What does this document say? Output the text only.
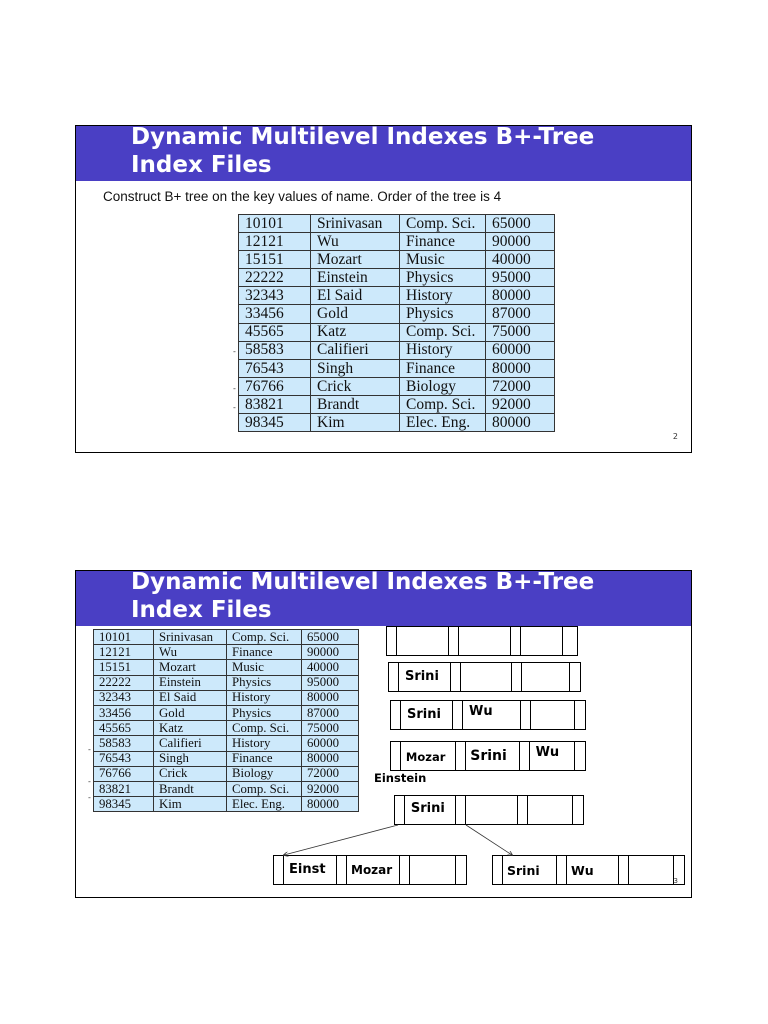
Dynamic Multilevel Indexes B+-Tree
Index Files
Construct B+ tree on the key values of name. Order of the tree is 4
10101	Srinivasan	Comp. Sci.	65000
12121	Wu	Finance	90000
15151	Mozart	Music	40000
22222	Einstein	Physics	95000
32343	El Said	History	80000
33456	Gold	Physics	87000
45565	Katz	Comp. Sci.	75000
58583	Califieri	History	60000
76543	Singh	Finance	80000
76766	Crick	Biology	72000
83821	Brandt	Comp. Sci.	92000
98345	Kim	Elec. Eng.	80000
-
-
-
2
Dynamic Multilevel Indexes B+-Tree
Index Files
10101	Srinivasan	Comp. Sci.	65000
12121	Wu	Finance	90000
15151	Mozart	Music	40000
22222	Einstein	Physics	95000
32343	El Said	History	80000
33456	Gold	Physics	87000
45565	Katz	Comp. Sci.	75000
58583	Califieri	History	60000
76543	Singh	Finance	80000
76766	Crick	Biology	72000
83821	Brandt	Comp. Sci.	92000
98345	Kim	Elec. Eng.	80000
-
-
-
Srini
Srini Wu
Mozar Srini Wu
Einstein
Srini
Einst Mozar	Srini	Wu
3
